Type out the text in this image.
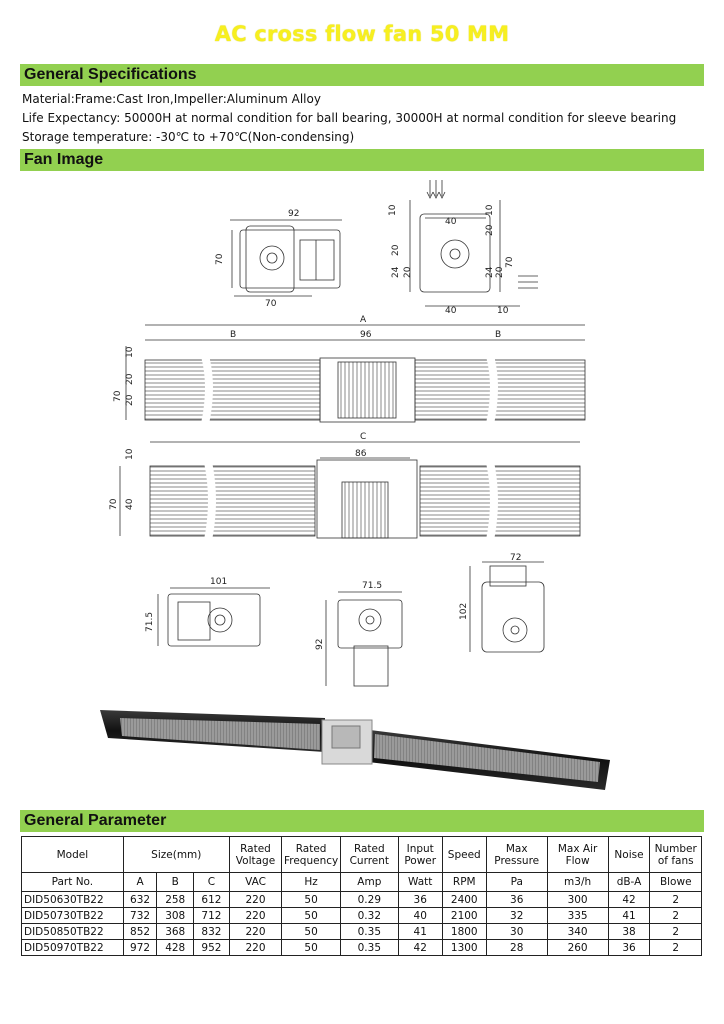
AC cross flow fan 50 MM
General Specifications
Material:Frame:Cast Iron,Impeller:Aluminum Alloy
Life Expectancy: 50000H at normal condition for ball bearing, 30000H at normal condition for sleeve bearing
Storage temperature: -30℃ to +70℃(Non-condensing)
Fan Image
92
70
70
10
40
10
20
20
24 20	24 20
70
40	10
A
B	96	B
10
70
20
20
C
86
10
70 40
101
71.5
71.5
92
72
102
General Parameter
Model	Size(mm)			Rated Voltage	Rated Frequency	Rated Current	Input Power	Speed	Max Pressure	Max Air Flow	Noise	Number of fans
Part No.	A	B	C	VAC	Hz	Amp	Watt	RPM	Pa	m3/h	dB-A	Blowe
DID50630TB22	632	258	612	220	50	0.29	36	2400	36	300	42	2
DID50730TB22	732	308	712	220	50	0.32	40	2100	32	335	41	2
DID50850TB22	852	368	832	220	50	0.35	41	1800	30	340	38	2
DID50970TB22	972	428	952	220	50	0.35	42	1300	28	260	36	2
